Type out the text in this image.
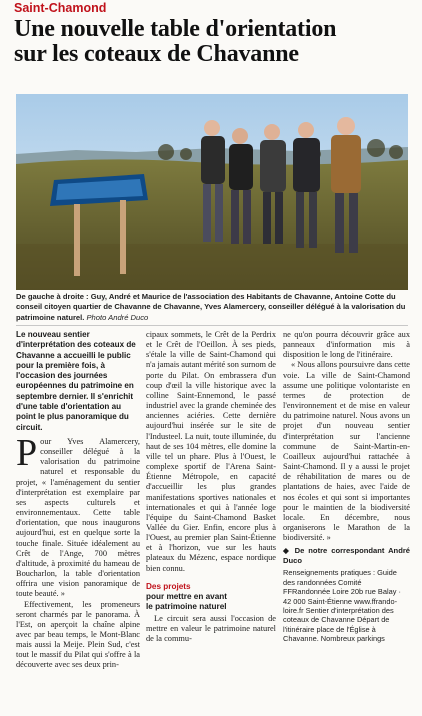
Saint-Chamond
Une nouvelle table d'orientation
sur les coteaux de Chavanne
De gauche à droite : Guy, André et Maurice de l'association des Habitants de Chavanne, Antoine Cotte du conseil citoyen quartier de Chavanne de Chavanne, Yves Alamercery, conseiller délégué à la valorisation du patrimoine naturel. Photo André Duco
Le nouveau sentier d'interprétation des coteaux de Chavanne a accueilli le public pour la première fois, à l'occasion des journées européennes du patrimoine en septembre dernier. Il s'enrichit d'une table d'orientation au point le plus panoramique du circuit.

P our Yves Alamercery, conseiller délégué à la valorisation du patrimoine naturel et responsable du projet, « l'aménagement du sentier d'interprétation est exemplaire par ses aspects culturels et environnementaux. Cette table d'orientation, que nous inaugurons aujourd'hui, est en quelque sorte la touche finale. Située idéalement au Crêt de l'Ange, 700 mètres d'altitude, à proximité du hameau de Boucharlon, la table d'orientation offrira une vision panoramique de toute beauté. »

Effectivement, les promeneurs seront charmés par le panorama. À l'Est, on aperçoit la chaîne alpine avec par beau temps, le Mont-Blanc mais aussi la Meije. Plein Sud, c'est tout le massif du Pilat qui s'offre à la découverte avec ses deux prin-

cipaux sommets, le Crêt de la Perdrix et le Crêt de l'Oeillon. À ses pieds, s'étale la ville de Saint-Chamond qui n'a jamais autant mérité son surnom de porte du Pilat. On embrassera d'un coup d'œil la ville historique avec la colline Saint-Ennemond, le passé industriel avec la grande cheminée des anciennes aciéries. Cette dernière aujourd'hui insérée sur le site de l'Industeel. La nuit, toute illuminée, du haut de ses 104 mètres, elle domine la ville tel un phare. Plus à l'Ouest, le complexe sportif de l'Arena Saint-Étienne Métropole, en capacité d'accueillir les plus grandes manifestations sportives nationales et internationales et qui à l'année loge l'équipe du Saint-Chamond Basket Vallée du Gier. Enfin, encore plus à l'Ouest, au premier plan Saint-Étienne et à l'horizon, vue sur les hauts plateaux du Mézenc, espace nordique bien connu.

Des projets
pour mettre en avant
le patrimoine naturel

Le circuit sera aussi l'occasion de mettre en valeur le patrimoine naturel de la commu-

ne qu'on pourra découvrir grâce aux panneaux d'information mis à disposition le long de l'itinéraire.

« Nous allons poursuivre dans cette voie. La ville de Saint-Chamond assume une politique volontariste en termes de protection de l'environnement et de mise en valeur du patrimoine naturel. Nous avons un projet d'un nouveau sentier d'interprétation sur l'ancienne commune de Saint-Martin-en-Coailleux aujourd'hui rattachée à Saint-Chamond. Il y a aussi le projet de réhabilitation de mares ou de plantations de haies, avec l'aide de nos écoles et qui sont si importantes pour le maintien de la biodiversité locale. En décembre, nous organiserons le Marathon de la biodiversité. »

◆ De notre correspondant André Duco
Renseignements pratiques : Guide des randonnées Comité FFRandonnée Loire 20b rue Balay · 42 000 Saint-Étienne www.ffrando-loire.fr Sentier d'interprétation des coteaux de Chavanne Départ de l'itinéraire place de l'Église à Chavanne. Nombreux parkings
